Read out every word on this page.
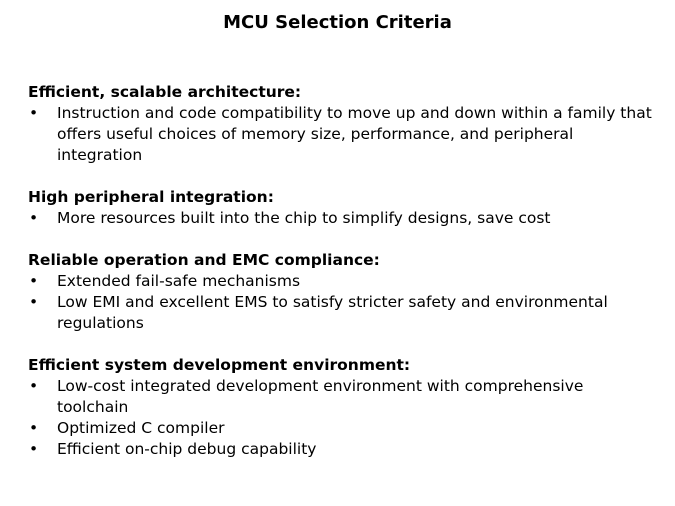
MCU Selection Criteria
Efficient, scalable architecture:
• Instruction and code compatibility to move up and down within a family that offers useful choices of memory size, performance, and peripheral integration
High peripheral integration:
• More resources built into the chip to simplify designs, save cost
Reliable operation and EMC compliance:
• Extended fail-safe mechanisms
• Low EMI and excellent EMS to satisfy stricter safety and environmental regulations
Efficient system development environment:
• Low-cost integrated development environment with comprehensive toolchain
• Optimized C compiler
• Efficient on-chip debug capability
